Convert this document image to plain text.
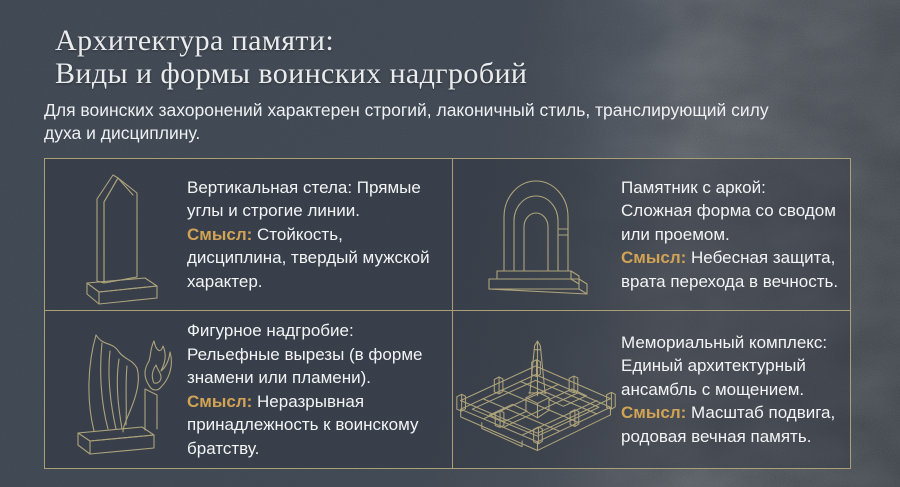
Архитектура памяти:
Виды и формы воинских надгробий

Для воинских захоронений характерен строгий, лаконичный стиль, транслирующий силу духа и дисциплину.

Вертикальная стела: Прямые углы и строгие линии.

Смысл: Стойкость, дисциплина, твердый мужской характер.

Памятник с аркой: Сложная форма со сводом или проемом.

Смысл: Небесная защита, врата перехода в вечность.

Фигурное надгробие: Рельефные вырезы (в форме знамени или пламени).

Смысл: Неразрывная принадлежность к воинскому братству.

Мемориальный комплекс: Единый архитектурный ансамбль с мощением.

Смысл: Масштаб подвига, родовая вечная память.
